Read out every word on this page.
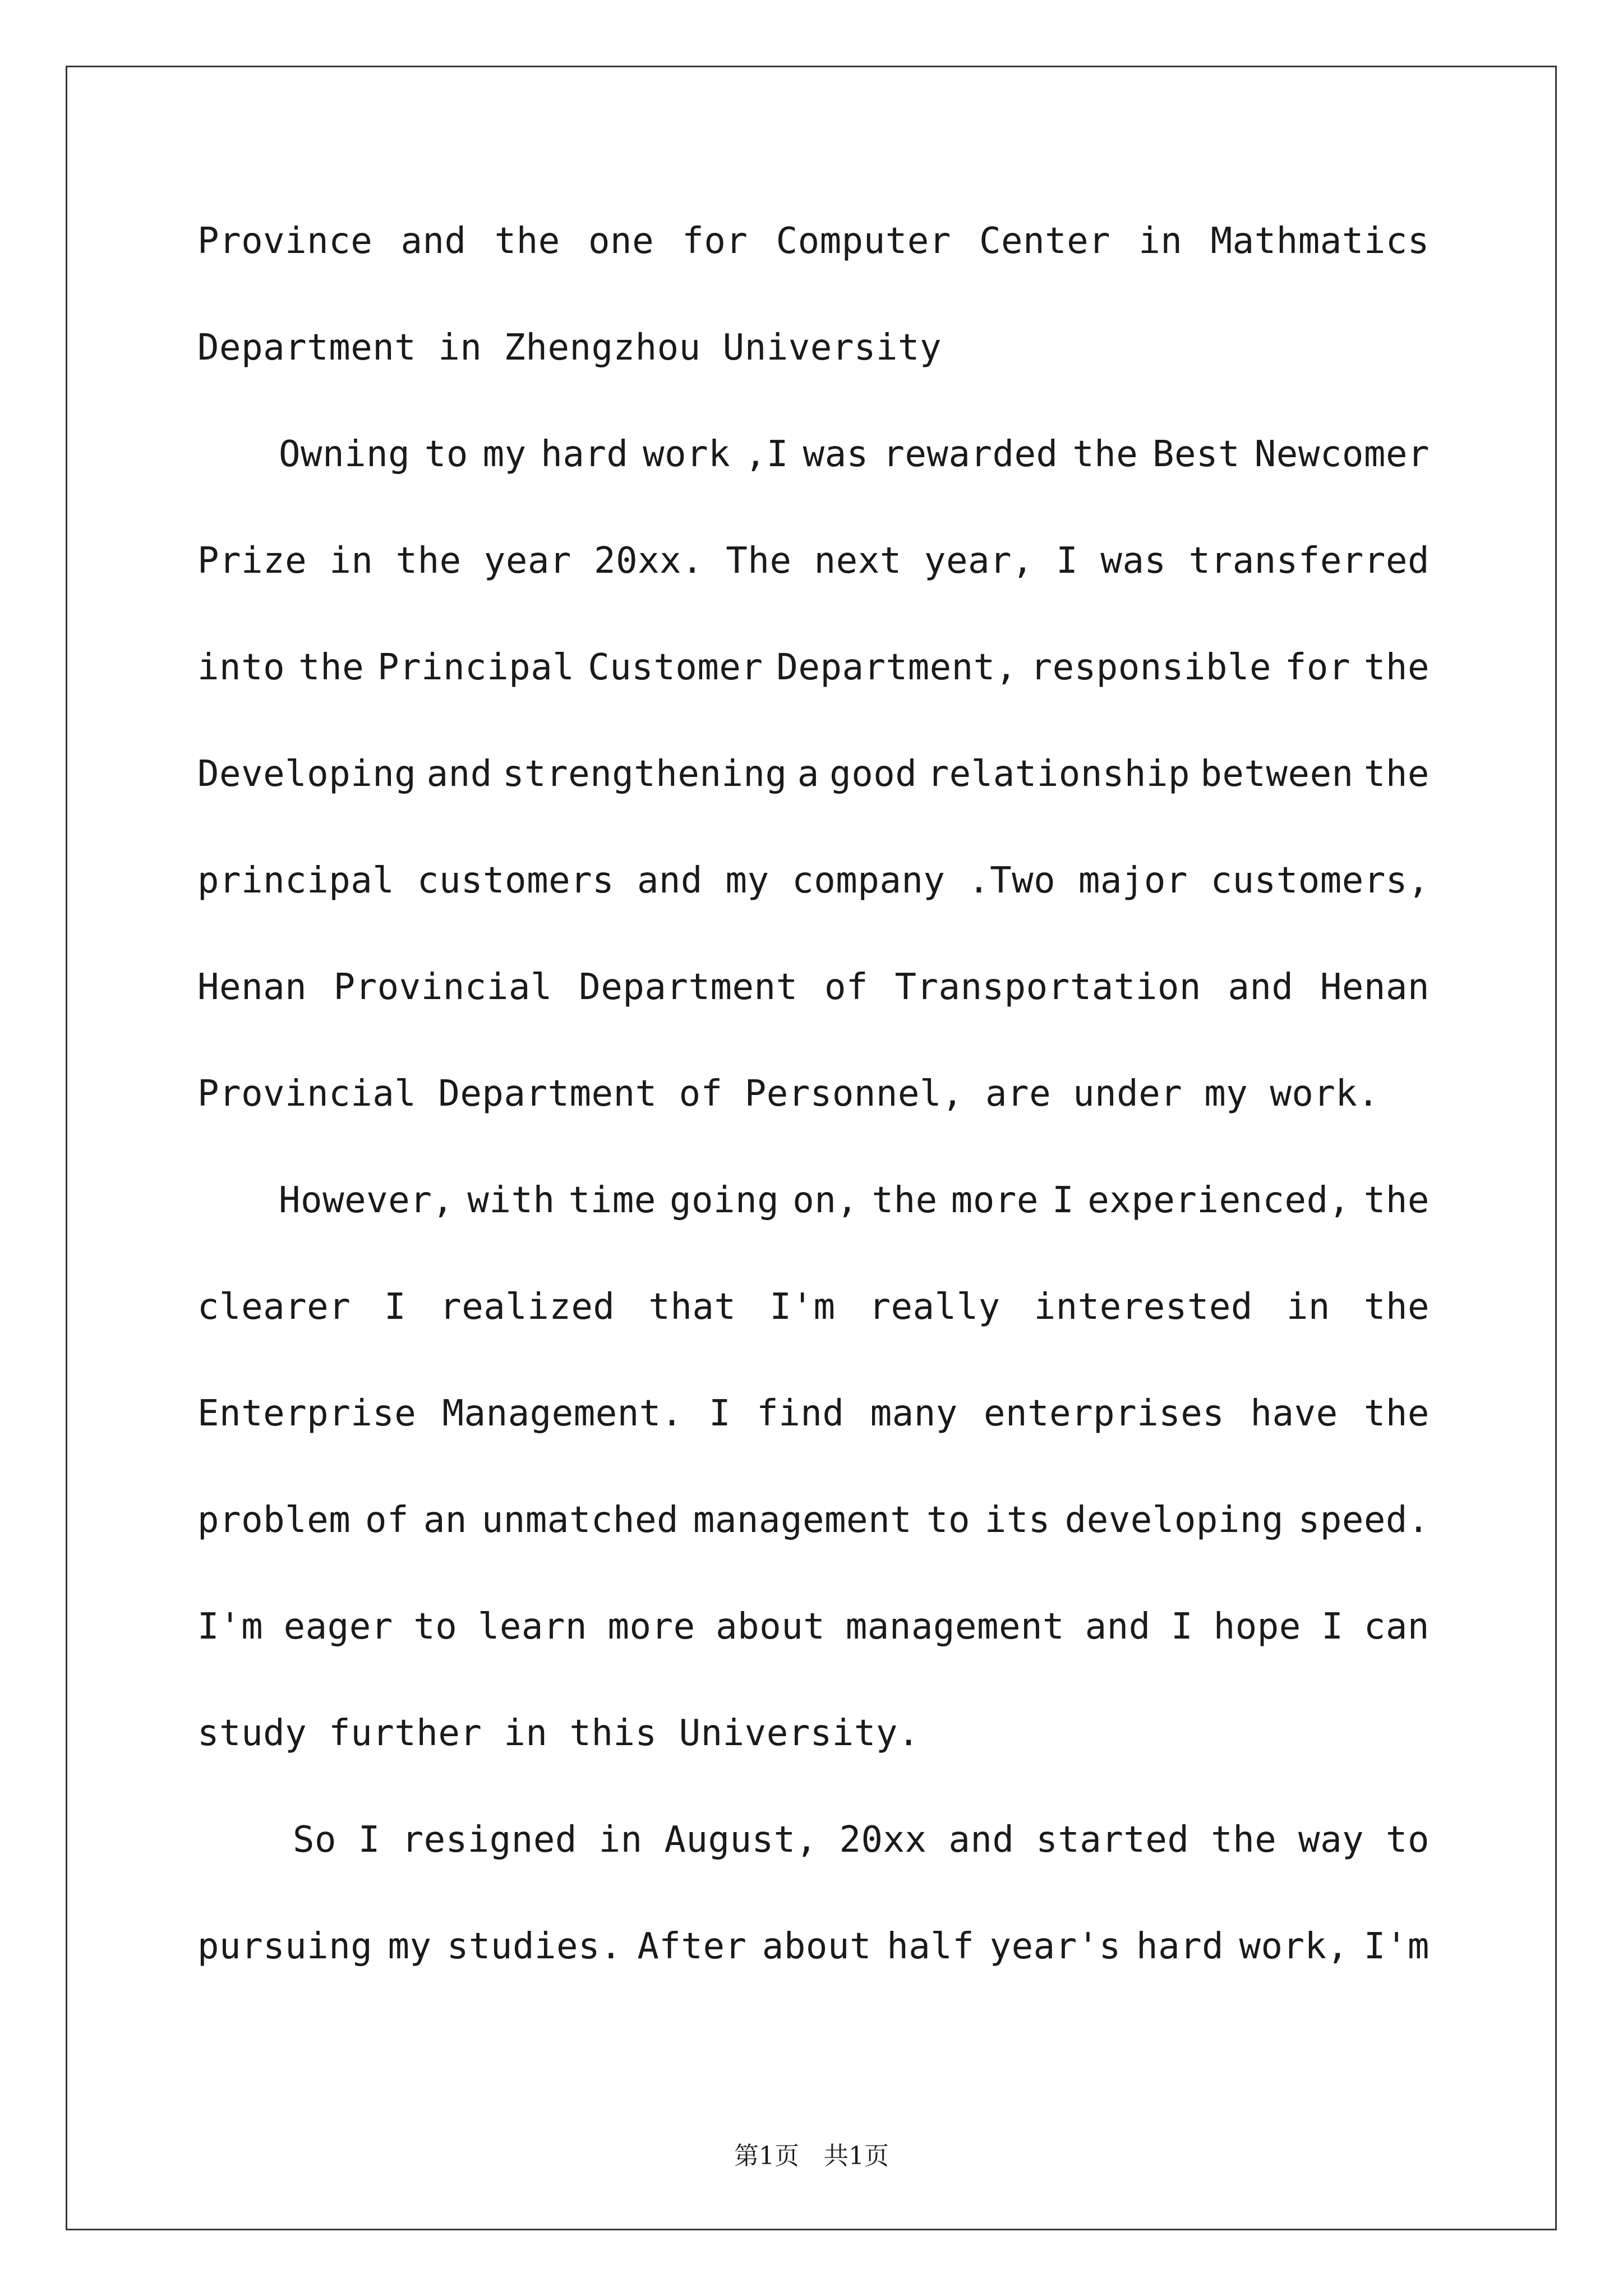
Province and the one for Computer Center in Mathmatics
Department in Zhengzhou University
Owning to my hard work ,I was rewarded the Best Newcomer
Prize in the year 20xx. The next year, I was transferred
into the Principal Customer Department, responsible for the
Developing and strengthening a good relationship between the
principal customers and my company .Two major customers,
Henan Provincial Department of Transportation and Henan
Provincial Department of Personnel, are under my work.
However, with time going on, the more I experienced, the
clearer I realized that I'm really interested in the
Enterprise Management. I find many enterprises have the
problem of an unmatched management to its developing speed.
I'm eager to learn more about management and I hope I can
study further in this University.
So I resigned in August, 20xx and started the way to
pursuing my studies. After about half year's hard work, I'm
第1页　共1页
